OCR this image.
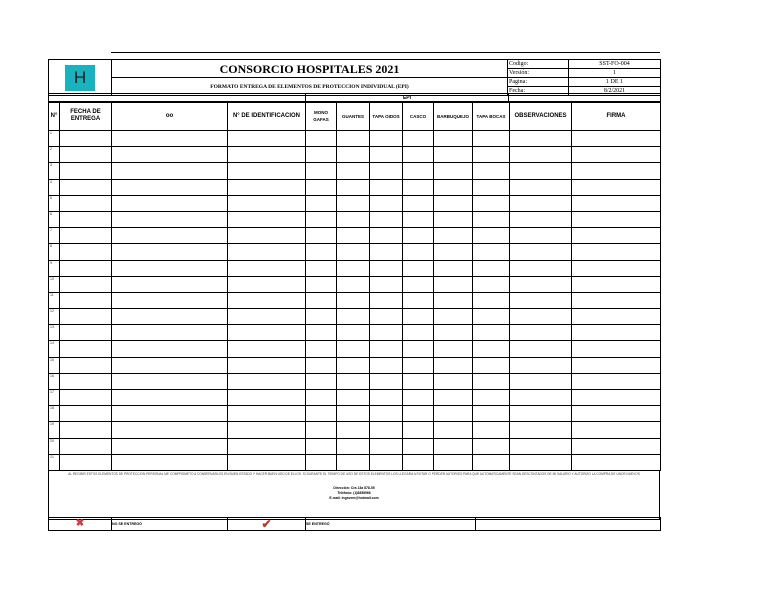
H	CONSORCIO HOSPITALES 2021	Codigo:	SST-FO-004
		Versión:	1
	FORMATO ENTREGA DE ELEMENTOS DE PROTECCION INDIVIDUAL (EPI)	Pagina:	1 DE 1
		Fecha:	8/2/2021
	EPI	
N°	FECHA DE ENTREGA	oo	N° DE IDENTIFICACION	MONO GAFAS	GUANTES	TAPA OIDOS	CASCO	BARBUQUEJO	TAPA BOCAS	OBSERVACIONES	FIRMA
1											
2											
3											
4											
5											
6											
7											
8											
9											
10											
11											
12											
13											
14											
15											
16											
17											
18											
19											
20											
21											
AL RECIBIR ESTOS ELEMENTOS DE PROTECCION PERSONAL ME COMPROMETO A CONSERVARLOS EN BUEN ESTADO Y HACER BUEN USO DE ELLOS. SI DURANTE EL TIEMPO DE USO DE ESTOS ELEMENTOS LOS LLEGARA A ROTAR O PERDER AUTORIZO PARA QUE AUTOMATICAMENTE SEAN DESCONTADOS DE MI SALARIO Y AUTORIZO LA COMPRA DE UNOS NUEVOS
Dirección: Cra 13a 878-55
Teléfono: (1)8858966
E-mail: ingsvcm@hotmail.com
✖	NO SE ENTREGÓ	✔	SE ENTREGÓ	
